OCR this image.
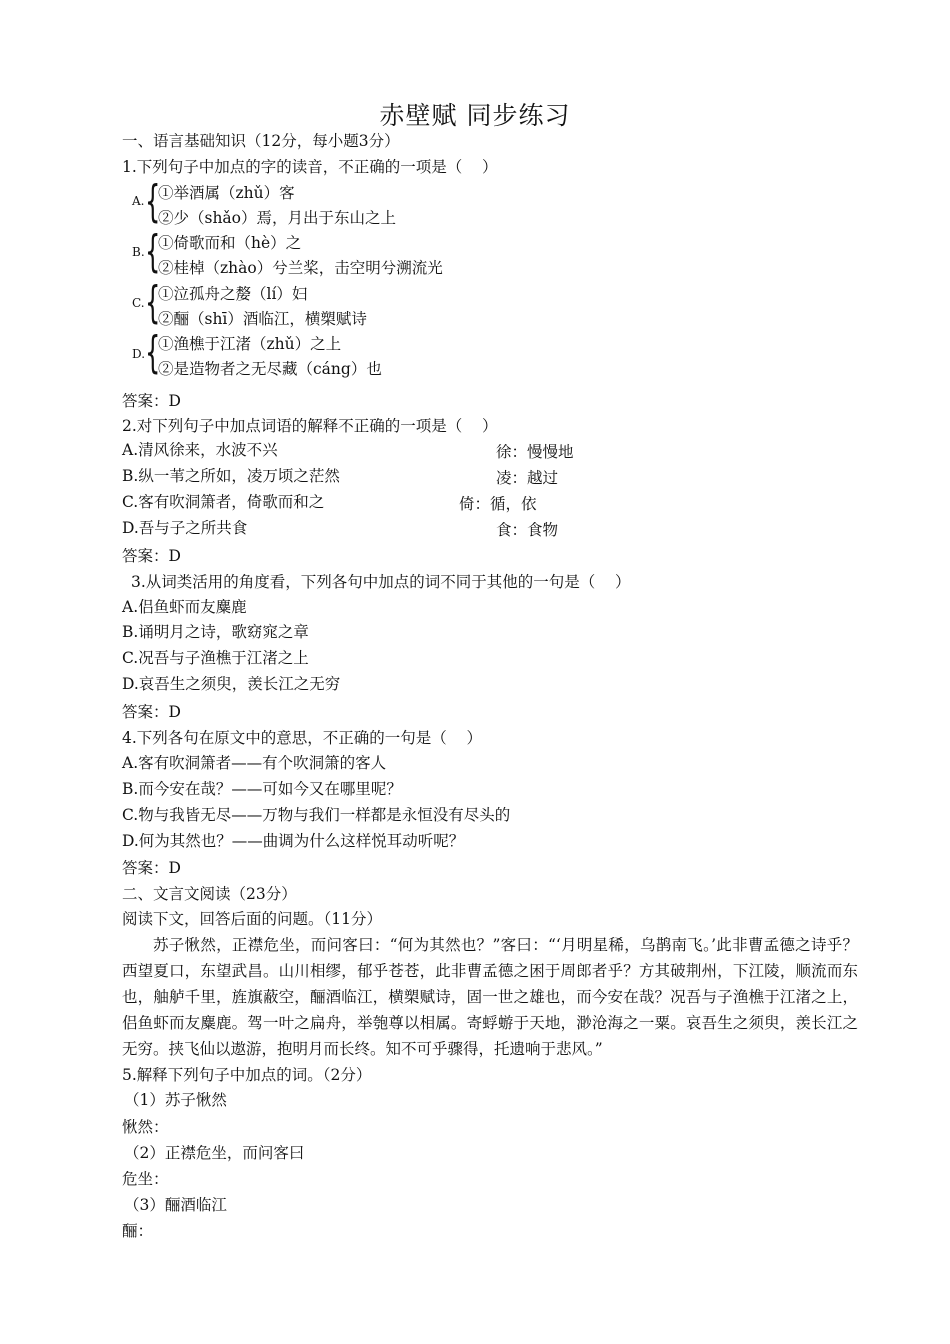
赤壁赋 同步练习
一、语言基础知识（12分，每小题3分）
1.下列句子中加点的字的读音，不正确的一项是（    ）
A. {
①举酒属（zhǔ）客
②少（shǎo）焉，月出于东山之上
B. {
①倚歌而和（hè）之
②桂棹（zhào）兮兰桨，击空明兮溯流光
C. {
①泣孤舟之嫠（lí）妇
②酾（shī）酒临江，横槊赋诗
D. {
①渔樵于江渚（zhǔ）之上
②是造物者之无尽藏（cáng）也
答案：D
2.对下列句子中加点词语的解释不正确的一项是（    ）
A.清风徐来，水波不兴	徐：慢慢地
B.纵一苇之所如，凌万顷之茫然	凌：越过
C.客有吹洞箫者，倚歌而和之	倚：循，依
D.吾与子之所共食	食：食物
答案：D
3.从词类活用的角度看，下列各句中加点的词不同于其他的一句是（    ）
A.侣鱼虾而友麋鹿
B.诵明月之诗，歌窈窕之章
C.况吾与子渔樵于江渚之上
D.哀吾生之须臾，羡长江之无穷
答案：D
4.下列各句在原文中的意思，不正确的一句是（    ）
A.客有吹洞箫者——有个吹洞箫的客人
B.而今安在哉？——可如今又在哪里呢？
C.物与我皆无尽——万物与我们一样都是永恒没有尽头的
D.何为其然也？——曲调为什么这样悦耳动听呢？
答案：D
二、文言文阅读（23分）
阅读下文，回答后面的问题。（11分）
苏子愀然，正襟危坐，而问客曰：“何为其然也？”客曰：“‘月明星稀，乌鹊南飞。’此非曹孟德之诗乎？西望夏口，东望武昌。山川相缪，郁乎苍苍，此非曹孟德之困于周郎者乎？方其破荆州，下江陵，顺流而东也，舳舻千里，旌旗蔽空，酾酒临江，横槊赋诗，固一世之雄也，而今安在哉？况吾与子渔樵于江渚之上，侣鱼虾而友麋鹿。驾一叶之扁舟，举匏尊以相属。寄蜉蝣于天地，渺沧海之一粟。哀吾生之须臾，羡长江之无穷。挟飞仙以遨游，抱明月而长终。知不可乎骤得，托遗响于悲风。”
5.解释下列句子中加点的词。（2分）
（1）苏子愀然
愀然：
（2）正襟危坐，而问客曰
危坐：
（3）酾酒临江
酾：
